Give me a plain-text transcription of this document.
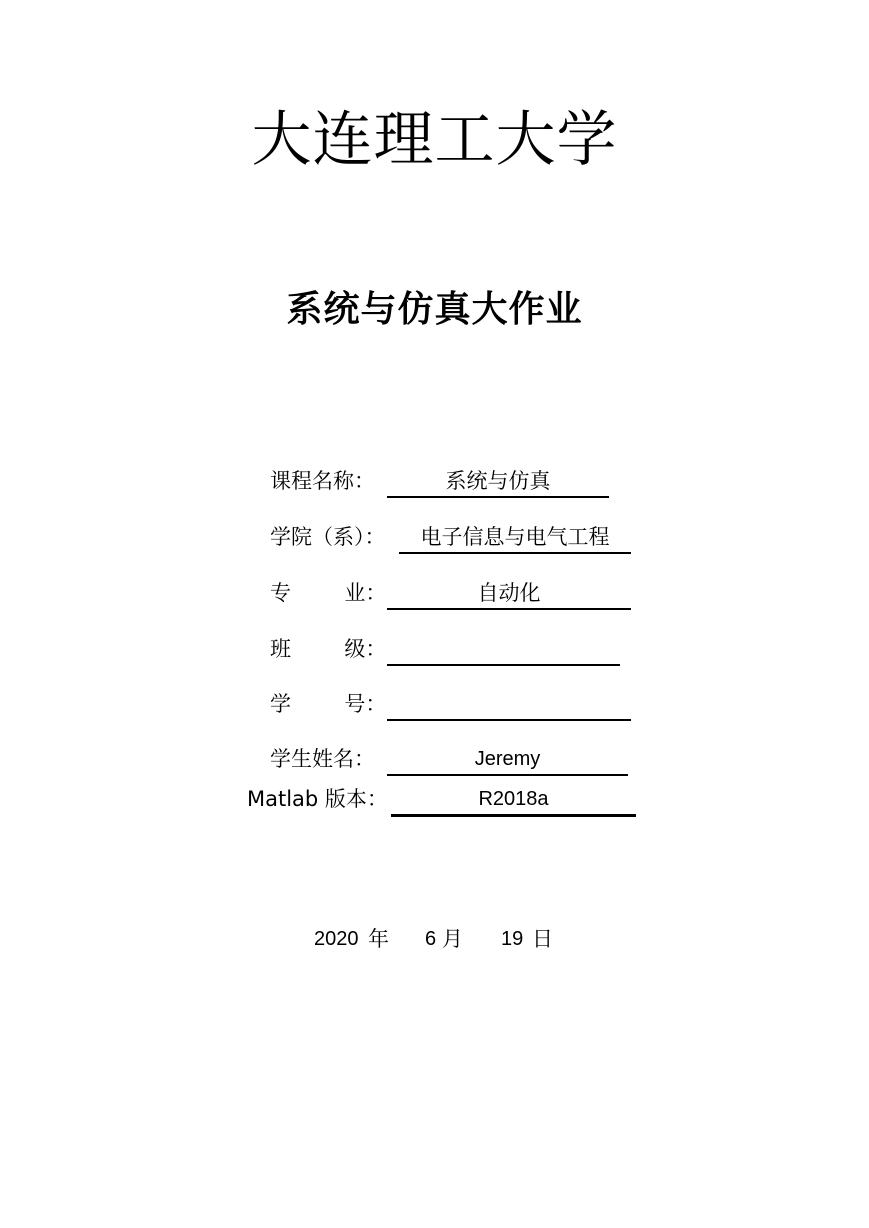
大连理工大学
系统与仿真大作业
课程名称：	系统与仿真
学院（系）：	电子信息与电气工程
专        业：	自动化
班        级：
学        号：
学生姓名：	Jeremy
Matlab 版本：	R2018a
2020 年 6 月 19 日
